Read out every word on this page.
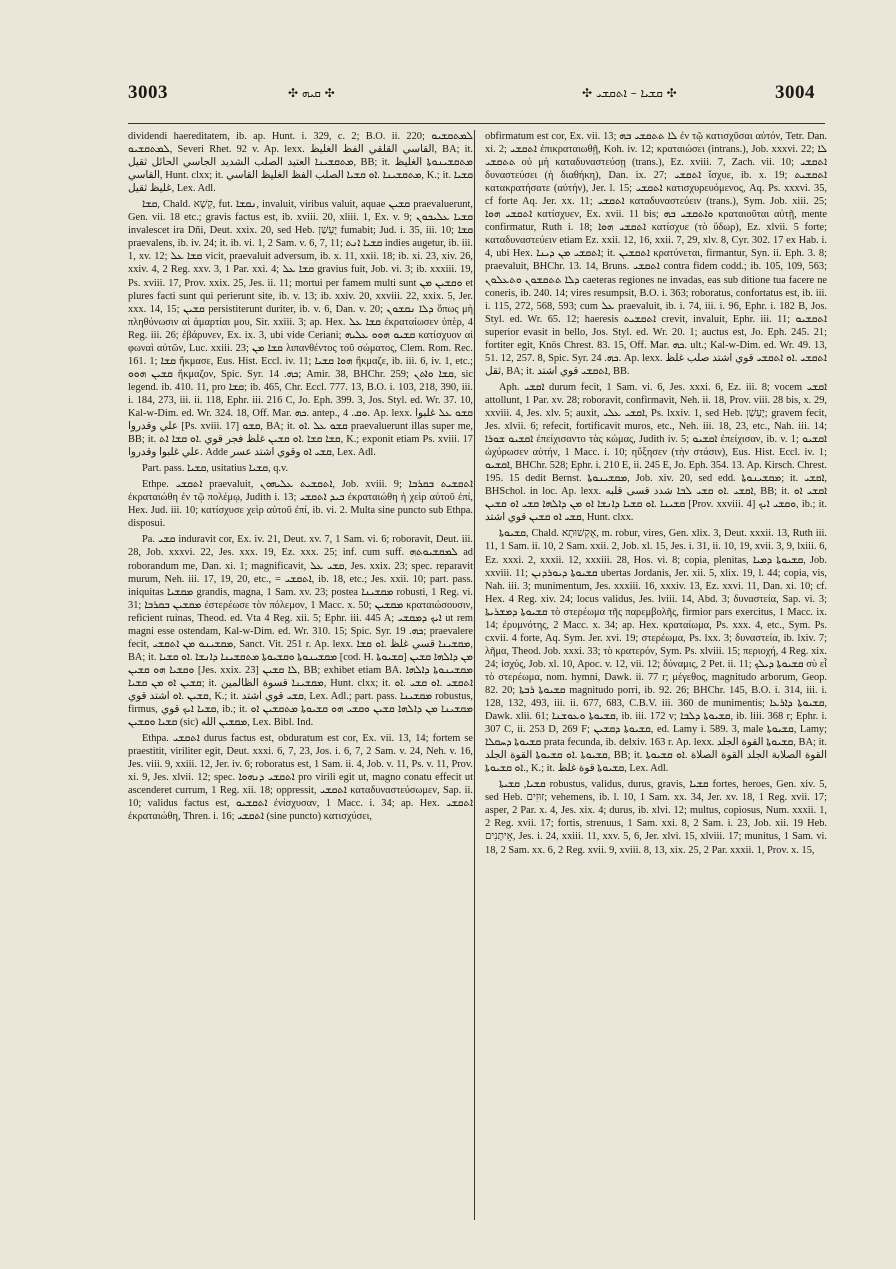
3003	✣ ܩܝܗ ✣	✣ ܩܫܝܐ – ܐܬܩܫܝ ✣	3004

dividendi haereditatem, ib. ap. Hunt. i. 329, c. 2; B.O. ii. 220; ܠܡܬܩܫܝܘ ܠܡܬܩܫܝܘ, Severi Rhet. 92 v. Ap. lexx. القاسي القلقي الفظ الغليظ, BA; it. ܡܬܩܫܝܢܐ العتيد الصلب الشديد الجاسي الحائل ثقيل, BB; it. ܡܬܩܫܝܢܘܬܐ الغليظ القاسي, Hunt. clxx; it. ܡܬܩܫܝܢܐ .ܐܘ ܩܫܝܐ الصلب الفظ الغليظ القاسي, K.; it. ܩܫܝܐ غليظ ثقيل, Lex. Adl.

ܩܫܐ, Chald. קְשָׁא, fut. ܢܩܫܐ, invaluit, viribus valuit, aquae ܩܫܝܢ praevaluerunt, Gen. vii. 18 etc.; gravis factus est, ib. xviii. 20, xliii. 1, Ex. v. 9; ܩܫܝܐ ܥܠܝܟܘܢ invalescet ira Dñi, Deut. xxix. 20, sed Heb. יֶעְשַׁן fumabit; Jud. i. 35, iii. 10; ܩܫܐ praevalens, ib. iv. 24; it. ib. vi. 1, 2 Sam. v. 6, 7, 11; ܩܫܝܐ ܐܢܬ indies augetur, ib. iii. 1, xv. 12; ܩܫܐ ܥܠ vicit, praevaluit adversum, ib. x. 11, xxii. 18; ib. xi. 23, xiv. 26, xxiv. 4, 2 Reg. xxv. 3, 1 Par. xxi. 4; ܩܫܐ ܥܠ gravius fuit, Job. vi. 3; ib. xxxiii. 19, Ps. xviii. 17, Prov. xxix. 25, Jes. ii. 11; mortui per famem multi sunt ܘܩܫܝܢ ܡܢ et plures facti sunt qui perierunt site, ib. v. 13; ib. xxiv. 20, xxviii. 22, xxix. 5, Jer. xxx. 14, 15; ܩܫܝܢ persistiterunt duriter, ib. v. 6, Dan. v. 20; ܕܠܐ ܢܩܫܘܢ ὅπως μὴ πληθύνωσιν αἱ ἁμαρτίαι μου, Sir. xxiii. 3; ap. Hex. ܩܫܐ ܥܠ ἐκραταίωσεν ὑπὲρ, 4 Reg. iii. 26; ἐβάρυνεν, Ex. ix. 3, ubi vide Ceriani; ܩܫܝܘ ܗܘܘ ܥܠܝܗ κατίσχυον αἱ φωναὶ αὐτῶν, Luc. xxiii. 23; ܩܫܐ ܡܢ λιπανθέντος τοῦ σώματος, Clem. Rom. Rec. 161. 1; ܩܫܐ ἤκμασε, Eus. Hist. Eccl. iv. 11; ܗܘܐ ܩܫܝܐ ἤκμαζε, ib. iii. 6, iv. 1, etc.; ܩܫܝܢ ܗܘܘ ἤκμαζον, Spic. Syr. ܟܗ. 14; Amir. 38, BHChr. 259; ܩܫܐ ܘܐܬܢ, sic legend. ib. 410. 11, pro ܩܫܐ; ib. 465, Chr. Eccl. 777. 13, B.O. i. 103, 218, 390, iii. i. 184, 273, iii. ii. 118, Ephr. iii. 216 C, Jo. Eph. 399. 3, Jos. Styl. ed. Wr. 37. 10, Kal-w-Dim. ed. Wr. 324. 18, Off. Mar. ܟܗ. antep., ܘܩ. 4. Ap. lexx. ܩܫܘ ܥܠ غلبوا علي وقدروا [Ps. xviii. 17] ܩܫܘ, BA; it. ܩܫܘ ܥܠ .ܐܘ praevaluerunt illas super me, BB; it. ܩܫܐ ܩܫܐ .ܐܘ ܩܫܝܢ غلظ فجر قوي .ܐܘ ܩܫܐ ܐܬ, K.; exponit etiam Ps. xviii. 17 علي غلبوا وقدروا. Adde ܩܫܝ ܐܘ وقوي اشتد عسر, Lex. Adl.

Part. pass. ܩܫܝܐ, usitatius ܩܫܝܐ, q.v.

Ethpe. ܐܬܩܫܝ praevaluit, ܐܬܩܫܝܬ ܥܠܝܗܘܢ, Job. xviii. 9; ܐܬܩܫܝܬ ܒܩܪܒܐ ἐκραταιώθη ἐν τῷ πολέμῳ, Judith i. 13; ܒܝܕ ܐܬܩܫܝ ἐκραταιώθη ἡ χεὶρ αὐτοῦ ἐπί, Hex. Jud. iii. 10; κατίσχυσε χεὶρ αὐτοῦ ἐπί, ib. vi. 2. Multa sine puncto sub Ethpa. disposui.

Pa. ܩܫܝ induravit cor, Ex. iv. 21, Deut. xv. 7, 1 Sam. vi. 6; roboravit, Deut. iii. 28, Job. xxxvi. 22, Jes. xxx. 19, Ez. xxx. 25; inf. cum suff. ܠܡܩܫܝܘܬܗ ad roborandum me, Dan. xi. 1; magnificavit, ܩܫܝ ܥܠ, Jes. xxix. 23; spec. reparavit murum, Neh. iii. 17, 19, 20, etc., = ܐܬܩܫܝ, ib. 18, etc.; Jes. xxii. 10; part. pass. iniquitas ܡܩܫܝܐ grandis, magna, 1 Sam. xv. 23; postea ܡܩܫܝܢܐ robusti, 1 Reg. vi. 31; ܡܩܫܝܢ ܒܩܪܒܐ ἐστερέωσε τὸν πόλεμον, 1 Macc. x. 50; ܡܩܫܝܢ κραταιώσουσιν, reficient ruinas, Theod. ed. Vta 4 Reg. xii. 5; Ephr. iii. 445 A; ܐܝܟ ܕܡܩܫܝ ut rem magni esse ostendam, Kal-w-Dim. ed. Wr. 310. 15; Spic. Syr. ܟܗ. 19; praevalere fecit, ܡܩܫܝܢܘ ܡܢ ܐܬܩܫܝ, Sanct. Vit. 251 r. Ap. lexx. ܡܩܫܝܢܐ قسي غلظ .ܐܘ ܩܫܐ, BA; it. ܡܩܫܝܢܘܬܐ ܘܩܫܝܘܬܐ ܡܬܩܫܝܢܐ ܕܐܢܫܐ .ܐܘ ܩܫܝܐ [cod. H. ܩܫܝܘܬܐ] ܡܢ ܕܐܠܗܐ ܩܫܝܢ ܘܩܫܝܐ ܗܘ ܩܫܝܢ [Jes. xxix. 23] ܠܐ ܩܫܝܢ, BB; exhibet etiam BA. ܡܩܫܝܢܘܬܐ ܕܐܠܗܐ ܩܫܝܢ ܐܘ ܡܢ ܩܫܝܐ; it. ܡܩܫܝܢܐ قسوة الظالمين, Hunt. clxx; it. ܐܬܩܫܝ .ܐܘ ܩܫܝ .ܐܘ ܩܫܝܢ .ܐܘ اشتد قوي, K.; it. ܩܫܝ قوي اشتد, Lex. Adl.; part. pass. ܡܩܫܝܢܐ robustus, firmus, ܩܫܝܐ ܐܝܟ قوي, ib.; it. ܡܩܫܝܢܐ ܡܢ ܕܐܠܗܐ ܩܫܝܢ ܘܩܫܝ ܗܘ ܩܫܝܘܬܐ ܡܬܩܫܝܢ ܐܘ ܩܫܝܐ ܘܩܫܝܢ (sic) ܡܩܫܝܢ الله, Lex. Bibl. Ind.

Ethpa. ܐܬܩܫܝ durus factus est, obduratum est cor, Ex. vii. 13, 14; fortem se praestitit, viriliter egit, Deut. xxxi. 6, 7, 23, Jos. i. 6, 7, 2 Sam. v. 24, Neh. v. 16, Jes. viii. 9, xxiii. 12, Jer. iv. 6; roboratus est, 1 Sam. ii. 4, Job. v. 11, Ps. v. 11, Prov. xi. 9, Jes. xlvii. 12; spec. ܐܬܩܫܝ ܕܢܗܘܐ pro virili egit ut, magno conatu effecit ut ascenderet currum, 1 Reg. xii. 18; oppressit, ܐܬܩܫܝ καταδυναστεύσωμεν, Sap. ii. 10; validus factus est, ܐܬܩܫܝܘ ἐνίσχυσαν, 1 Macc. i. 34; ap. Hex. ܐܬܩܫܝ ἐκραταιώθη, Thren. i. 16; ܐܬܩܫܝ (sine puncto) κατισχύσει,

obfirmatum est cor, Ex. vii. 13; ܠܐ ܬܬܩܫܝ ܒܗ ἐν τῷ κατισχῦσαι αὐτόν, Tetr. Dan. xi. 2; ܐܬܩܫܝ ἐπικραταιωθῇ, Koh. iv. 12; κραταιώσει (intrans.), Job. xxxvi. 22; ܠܐ ܬܬܩܫܝ οὐ μὴ καταδυναστεύσῃ (trans.), Ez. xviii. 7, Zach. vii. 10; ܐܬܩܫܝ δυναστεύσει (ἡ διαθήκη), Dan. ix. 27; ܐܬܩܫܝ ἴσχυε, ib. x. 19; ܐܬܩܫܝܬ κατακρατήσατε (αὐτήν), Jer. l. 15; ܐܬܩܫܝ κατισχυρευόμενος, Aq. Ps. xxxvi. 35, cf forte Aq. Jer. xx. 11; ܐܬܩܫܝ καταδυναστεύειν (trans.), Sym. Job. xiii. 25; ܐܬܩܫܝ ܗܘܐ κατίσχυεν, Ex. xvii. 11 bis; ܘܐܬܩܫܝ ܒܗ κραταιοῦται αὐτῇ, mente confirmatur, Ruth i. 18; ܐܬܩܫܝ ܗܘܐ κατίσχυε (τὸ ὕδωρ), Ez. xlvii. 5 forte; καταδυναστεύειν etiam Ez. xxii. 12, 16, xxii. 7, 29, xlv. 8, Cyr. 302. 17 ex Hab. i. 4, ubi Hex. ܐܬܩܫܝ ܡܢ ܕܝܢܐ; it. ܐܬܩܫܝܢ κρατύνεται, firmantur, Syn. ii. Eph. 3. 8; praevaluit, BHChr. 13. 14, Bruns. ܐܬܩܫܝ contra fidem codd.; ib. 105, 109, 563; ܕܠܐ ܬܬܩܫܘܢ ܘܬܥܠܘܢ caeteras regiones ne invadas, eas sub ditione tua facere ne coneris, ib. 240. 14; vires resumpsit, B.O. i. 363; roboratus, confortatus est, ib. iii. i. 115, 272, 568, 593; cum ܥܠ praevaluit, ib. i. 74, iii. i. 96, Ephr. i. 182 B, Jos. Styl. ed. Wr. 65. 12; haeresis ܐܬܩܫܝܬ crevit, invaluit, Ephr. iii. 11; ܐܬܩܫܝܘ superior evasit in bello, Jos. Styl. ed. Wr. 20. 1; auctus est, Jo. Eph. 245. 21; fortiter egit, Knös Chrest. 83. 15, Off. Mar. ܟܗ. ult.; Kal-w-Dim. ed. Wr. 49. 13, 51. 12, 257. 8, Spic. Syr. ܟܗ. 24. Ap. lexx. ܐܬܩܫܝ .ܐܘ ܐܬܩܫܝ قوي اشتد صلب غلظ ثقل, BA; it. ܐܬܩܫܝ قوي اشتد, BB.

Aph. ܐܩܫܝ durum fecit, 1 Sam. vi. 6, Jes. xxxi. 6, Ez. iii. 8; vocem ܐܩܫܝ attollunt, 1 Par. xv. 28; roboravit, confirmavit, Neh. ii. 18, Prov. viii. 28 bis, x. 29, xxviii. 4, Jes. xlv. 5; auxit, ܐܩܫܝ ܥܠܝ, Ps. lxxiv. 1, sed Heb. יֶעְשַׁן; gravem fecit, Jes. xlvii. 6; refecit, fortificavit muros, etc., Neh. iii. 18, 23, etc., Nah. iii. 14; ܐܩܫܝܘ ܫܘܪܐ ἐπείχισαντο τὰς κώμας, Judith iv. 5; ܐܩܫܝܘ ἐπείχισαν, ib. v. 1; ܐܩܫܝܘ ὠχύρωσεν αὐτήν, 1 Macc. i. 10; ηὔξησεν (τὴν στάσιν), Eus. Hist. Eccl. iv. 1; ܐܩܫܝܘ, BHChr. 528; Ephr. i. 210 E, ii. 245 E, Jo. Eph. 354. 13. Ap. Kirsch. Chrest. 195. 15 dedit Bernst. ܡܩܫܝܢܘܬܐ, Job. xiv. 20, sed edd. ܡܩܫܝܢܘܬܐ; it. ܐܩܫܝ, BHSchol. in loc. Ap. lexx. ܐܩܫܝ .ܐܘ ܩܫܝ ܠܒܐ شدد قسى قلبه, BB; it. ܐܩܫܝ ܐܘ ܩܫܝܢܐ .ܐܘ ܩܫܝܐ ܕܐܢܫܐ ܐܘ ܡܢ ܕܐܠܗܐ ܩܫܝ ܐܘ ܩܫܝܢ [Prov. xxviii. 4] ܘܩܫܝ ܐܝܟ, ib.; it. ܩܫܝ ܐܘ ܩܫܝܢ قوي اشتد, Hunt. clxx.

ܩܫܝܘܬܐ, Chald. אֻקְשׁוּתָא, m. robur, vires, Gen. xlix. 3, Deut. xxxii. 13, Ruth iii. 11, 1 Sam. ii. 10, 2 Sam. xxii. 2, Job. xl. 15, Jes. i. 31, ii. 10, 19, xvii. 3, 9, lxiii. 6, Ez. xxxi. 2, xxxii. 12, xxxiii. 28, Hos. vi. 8; copia, plenitas, ܩܫܝܘܬܐ ܕܡܝܐ, Job. xxviii. 11; ܩܫܝܘܬܐ ܕܝܘܪܕܢܢ ubertas Jordanis, Jer. xii. 5, xlix. 19, l. 44; copia, vis, Nah. iii. 3; munimentum, Jes. xxxiii. 16, xxxiv. 13, Ez. xxvi. 11, Dan. xi. 10; cf. Hex. 4 Reg. xiv. 24; locus validus, Jes. lviii. 14, Abd. 3; δυναστεία, Sap. vi. 3; ܩܫܝܘܬܐ ܕܡܫܪܝܬܐ τὸ στερέωμα τῆς παρεμβολῆς, firmior pars exercitus, 1 Macc. ix. 14; ἐρυμνότης, 2 Macc. x. 34; ap. Hex. κραταίωμα, Ps. xxx. 4, etc., Sym. Ps. cxvii. 4 forte, Aq. Sym. Jer. xvi. 19; στερέωμα, Ps. lxx. 3; δυναστεία, ib. lxiv. 7; λῆμα, Theod. Job. xxxi. 33; τὸ κρατερόν, Sym. Ps. xlviii. 15; περιοχή, 4 Reg. xix. 24; ἰσχύς, Job. xl. 10, Apoc. v. 12, vii. 12; δύναμις, 2 Pet. ii. 11; ܩܫܝܘܬܐ ܕܝܠܟ σὺ εἶ τὸ στερέωμα, nom. hymni, Dawk. ii. 77 r; μέγεθος, magnitudo arborum, Geop. 82. 20; ܩܫܝܘܬܐ ܪܒܬܐ magnitudo porri, ib. 92. 26; BHChr. 145, B.O. i. 314, iii. i. 128, 132, 493, iii. ii. 677, 683, C.B.V. iii. 360 de munimentis; ܩܫܝܘܬܐ ܕܐܪܥܐ, Dawk. xlii. 61; ܩܫܝܘܬܐ ܘܥܘܫܢܐ, ib. iii. 172 v; ܩܫܝܘܬܐ ܕܠܒܐ, ib. liii. 368 r; Ephr. i. 307 C, ii. 253 D, 269 F; ܩܫܝܘܬܐ ܕܩܫܝܢ, ed. Lamy i. 589. 3, male ܩܫܝܘܬܐ, Lamy; ܩܫܝܘܬܐ ܕܚܩܠܐ prata fecunda, ib. delxiv. 163 r. Ap. lexx. ܩܫܝܘܬܐ القوة الجلد, BA; it. ܩܫܝܘܬܐ .ܐܘ ܩܫܝܘܬܐ القوة الجلد, BB; it. القوة الصلابة الجلد القوة الصلاة .ܐܘ ܩܫܝܘܬܐ .ܐܘ ܩܫܝܘܬܐ, K.; it. ܩܫܝܘܬܐ قوة غلظ, Lex. Adl.

ܩܫܝܐ, ܩܫܝܬܐ robustus, validus, durus, gravis, ܩܫܝܐ fortes, heroes, Gen. xiv. 5, sed Heb. זוּזִים; vehemens, ib. l. 10, 1 Sam. xx. 34, Jer. xv. 18, 1 Reg. xvii. 17; asper, 2 Par. x. 4, Jes. xix. 4; durus, ib. xlvi. 12; multus, copiosus, Num. xxxii. 1, 2 Reg. xvii. 17; fortis, strenuus, 1 Sam. xxi. 8, 2 Sam. i. 23, Job. xii. 19 Heb. אֵיתָנִים, Jes. i. 24, xxiii. 11, xxv. 5, 6, Jer. xlvi. 15, xlviii. 17; munitus, 1 Sam. vi. 18, 2 Sam. xx. 6, 2 Reg. xvii. 9, xviii. 8, 13, xix. 25, 2 Par. xxxii. 1, Prov. x. 15,
